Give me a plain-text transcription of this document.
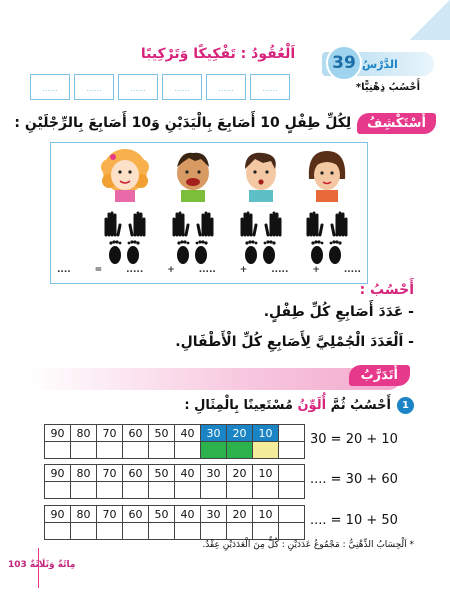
الدَّرْسُ
39
اَلْعُقُودُ : تَفْكِيكًا وَتَرْكِيبًا
أَحْسُبُ ذِهْنِيًّا*
......	......	......	......	......	......
أَسْتَكْشِفُ
لِكُلِّ طِفْلٍ 10 أَصَابِعَ بِالْيَدَيْنِ وَ10 أَصَابِعَ بِالرِّجْلَيْنِ :
....	=	.....	+	.....	+	.....	+	.....
أَحْسُبُ :
- عَدَدَ أَصَابِعِ كُلِّ طِفْلٍ.
- اَلْعَدَدَ الْجُمْلِيَّ لِأَصَابِعِ كُلِّ الْأَطْفَالِ.
أَتَدَرَّبُ
1
أَحْسُبُ ثُمَّ أُلَوِّنُ مُسْتَعِينًا بِالْمِثَالِ :
90	80	70	60	50	40	30	20	10	30 = 20 + 10
90	80	70	60	50	40	30	20	10	.... = 30 + 60
90	80	70	60	50	40	30	20	10	.... = 10 + 50
* اَلْحِسَابُ الذِّهْنِيُّ : مَجْمُوعُ عَدَدَيْنِ : كُلٌّ مِنَ الْعَدَدَيْنِ عِقْدٌ.
مِائَةٌ وَثَلَاثَةٌ 103
